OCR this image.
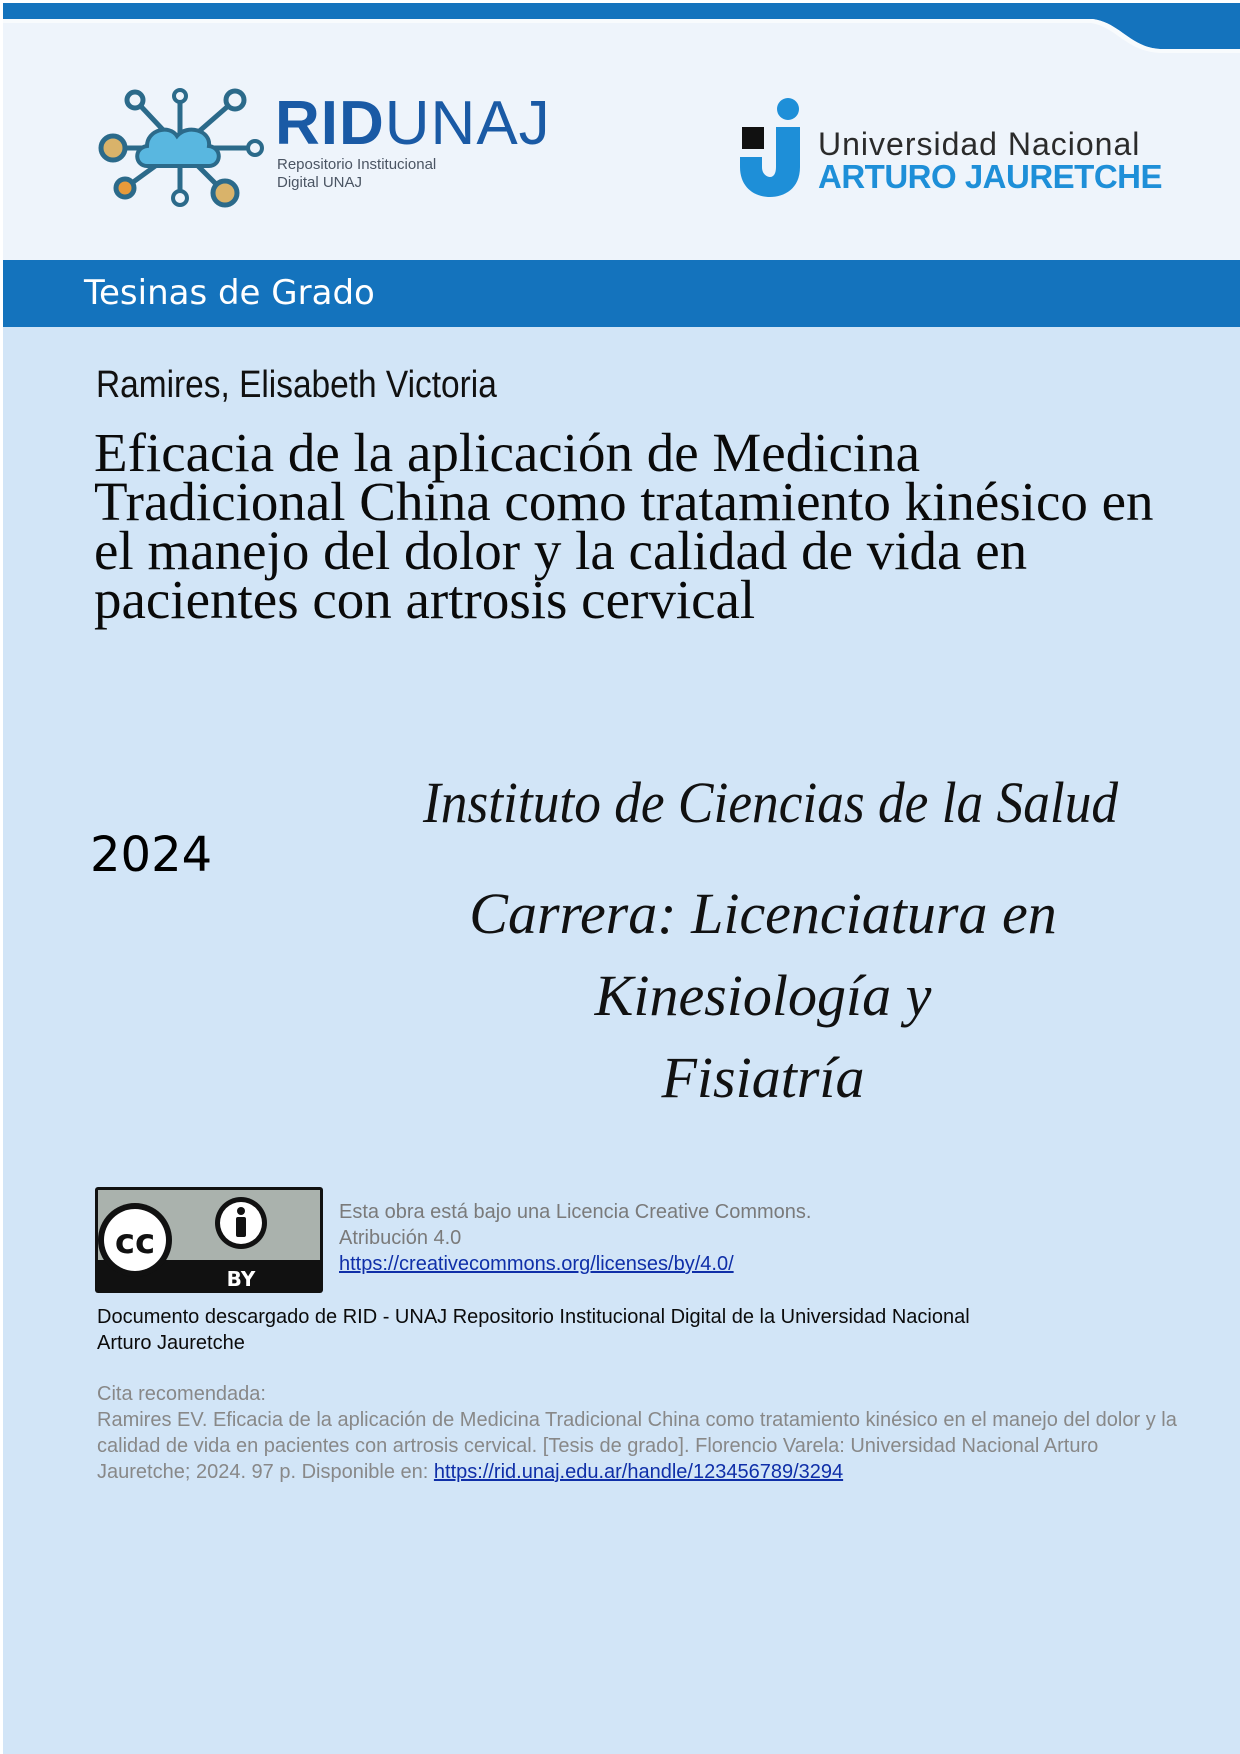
RIDUNAJ
Repositorio Institucional
Digital UNAJ
Universidad Nacional
ARTURO JAURETCHE
Tesinas de Grado
Ramires, Elisabeth Victoria
Eficacia de la aplicación de Medicina Tradicional China como tratamiento kinésico en el manejo del dolor y la calidad de vida en pacientes con artrosis cervical
2024
Instituto de Ciencias de la Salud
Carrera: Licenciatura en Kinesiología y
Fisiatría
cc
BY
Esta obra está bajo una Licencia Creative Commons.
Atribución 4.0
https://creativecommons.org/licenses/by/4.0/
Documento descargado de RID - UNAJ Repositorio Institucional Digital de la Universidad Nacional Arturo Jauretche
Cita recomendada:
Ramires EV. Eficacia de la aplicación de Medicina Tradicional China como tratamiento kinésico en el manejo del dolor y la calidad de vida en pacientes con artrosis cervical. [Tesis de grado]. Florencio Varela: Universidad Nacional Arturo Jauretche; 2024. 97 p. Disponible en: https://rid.unaj.edu.ar/handle/123456789/3294
